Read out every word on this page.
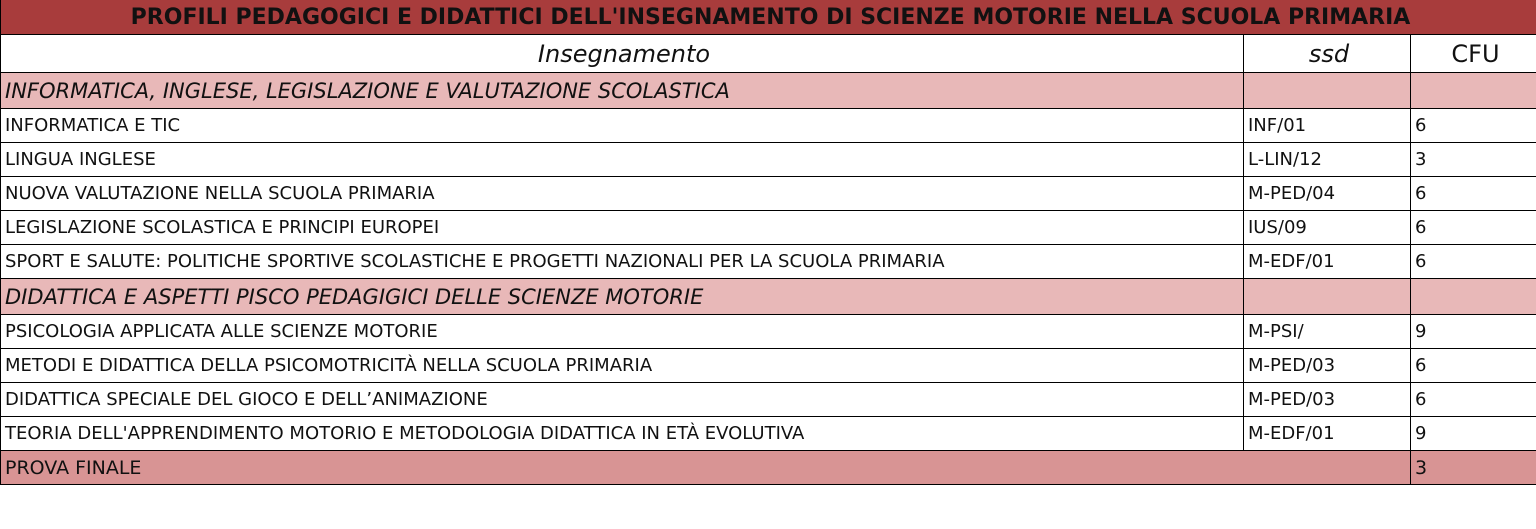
PROFILI PEDAGOGICI E DIDATTICI DELL'INSEGNAMENTO DI SCIENZE MOTORIE NELLA SCUOLA PRIMARIA		
Insegnamento	ssd	CFU
INFORMATICA, INGLESE, LEGISLAZIONE E VALUTAZIONE SCOLASTICA		
INFORMATICA E TIC	INF/01	6
LINGUA INGLESE	L-LIN/12	3
NUOVA VALUTAZIONE NELLA SCUOLA PRIMARIA	M-PED/04	6
LEGISLAZIONE SCOLASTICA E PRINCIPI EUROPEI	IUS/09	6
SPORT E SALUTE: POLITICHE SPORTIVE SCOLASTICHE E PROGETTI NAZIONALI PER LA SCUOLA PRIMARIA	M-EDF/01	6
DIDATTICA E ASPETTI PISCO PEDAGIGICI DELLE SCIENZE MOTORIE		
PSICOLOGIA APPLICATA ALLE SCIENZE MOTORIE	M-PSI/	9
METODI E DIDATTICA DELLA PSICOMOTRICITÀ NELLA SCUOLA PRIMARIA	M-PED/03	6
DIDATTICA SPECIALE DEL GIOCO E DELL’ANIMAZIONE	M-PED/03	6
TEORIA DELL'APPRENDIMENTO MOTORIO E METODOLOGIA DIDATTICA IN ETÀ EVOLUTIVA	M-EDF/01	9
PROVA FINALE		3
